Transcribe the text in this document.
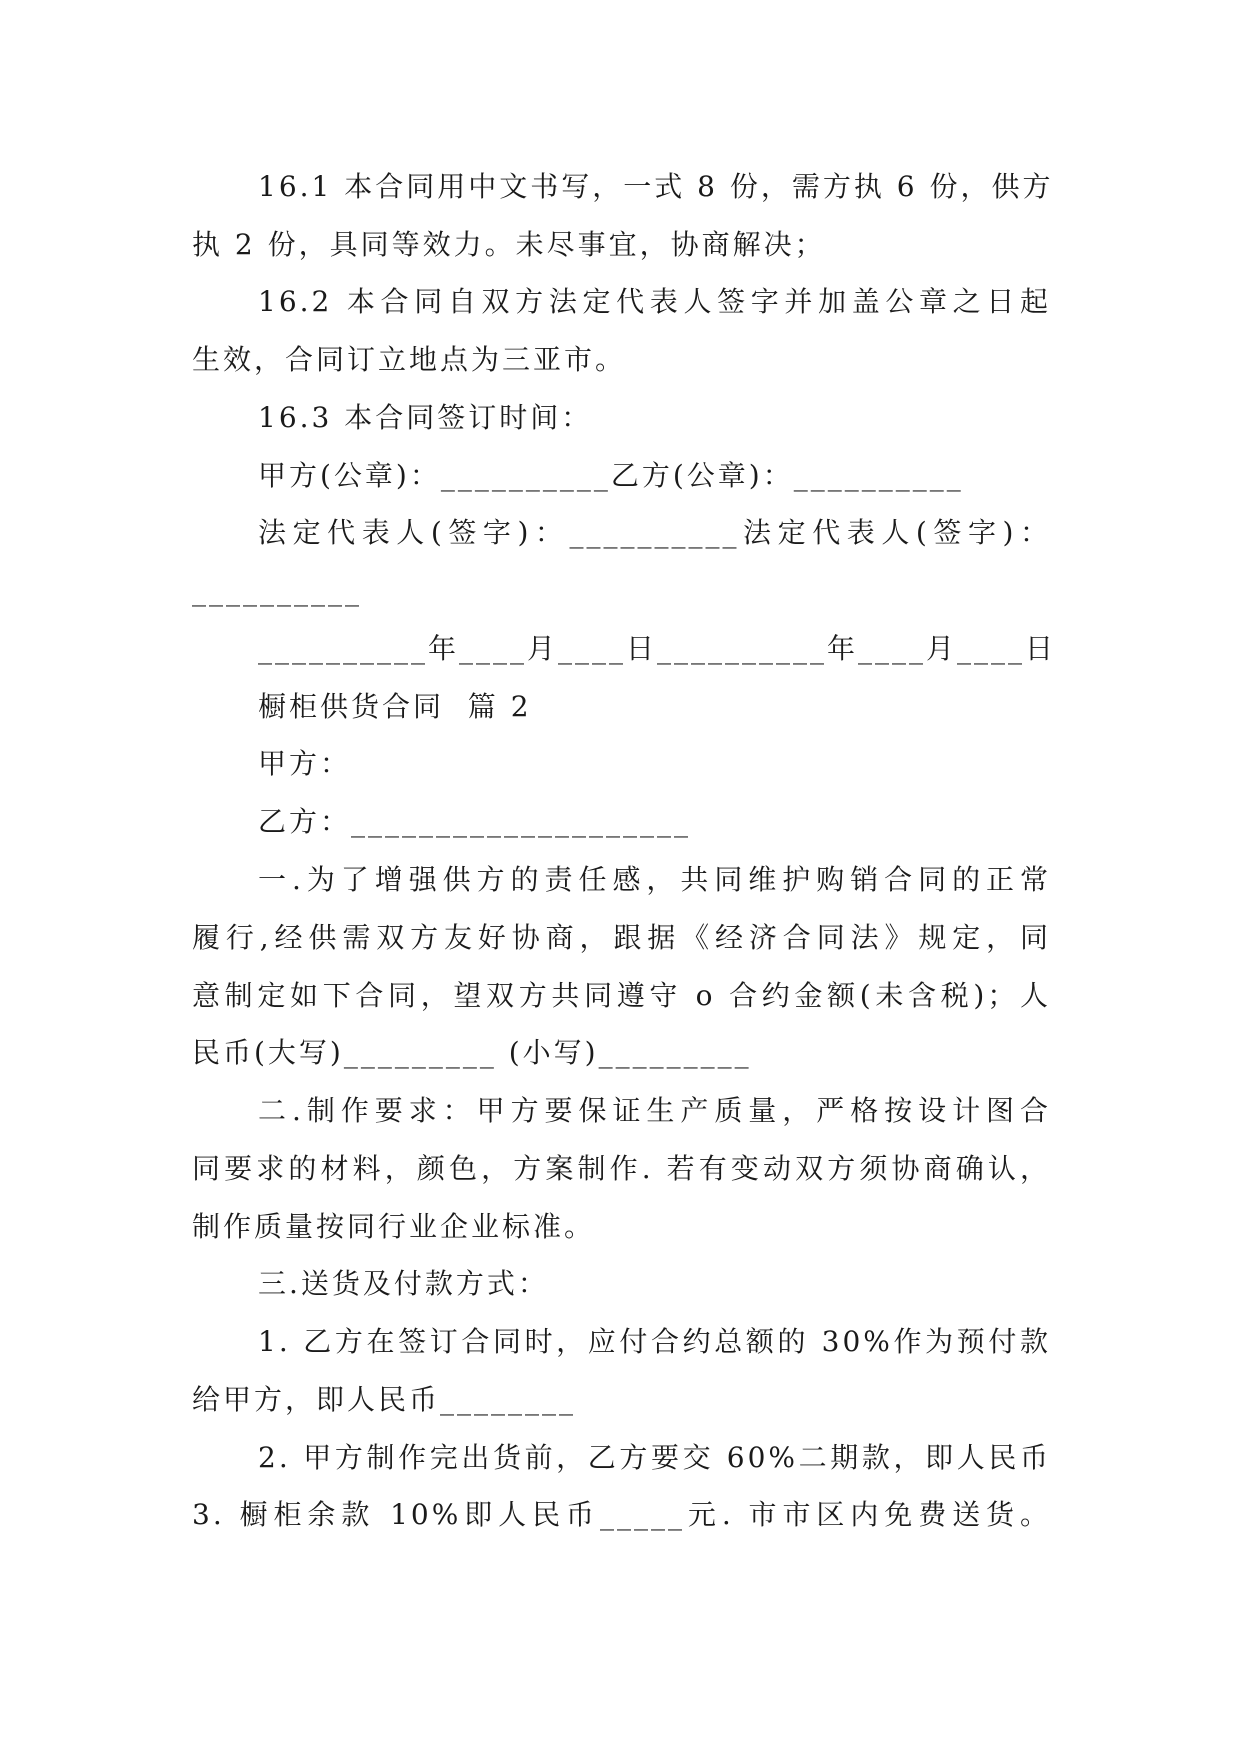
16.1 本合同用中文书写，一式 8 份，需方执 6 份，供方
执 2 份，具同等效力。未尽事宜，协商解决；
16.2 本合同自双方法定代表人签字并加盖公章之日起
生效，合同订立地点为三亚市。
16.3 本合同签订时间：
甲方(公章)：__________乙方(公章)：__________
法定代表人(签字)：__________法定代表人(签字)：
__________
__________年____月____日__________年____月____日
橱柜供货合同  篇 2
甲方：
乙方：____________________
一.为了增强供方的责任感，共同维护购销合同的正常
履行,经供需双方友好协商，跟据《经济合同法》规定，同
意制定如下合同，望双方共同遵守 o 合约金额(未含税)；人
民币(大写)_________ (小写)_________
二.制作要求：甲方要保证生产质量，严格按设计图合
同要求的材料，颜色，方案制作. 若有变动双方须协商确认，
制作质量按同行业企业标准。
三.送货及付款方式：
1. 乙方在签订合同时，应付合约总额的 30%作为预付款
给甲方，即人民币________
2. 甲方制作完出货前，乙方要交 60%二期款，即人民币
3. 橱柜余款 10%即人民币_____元. 市市区内免费送货。
